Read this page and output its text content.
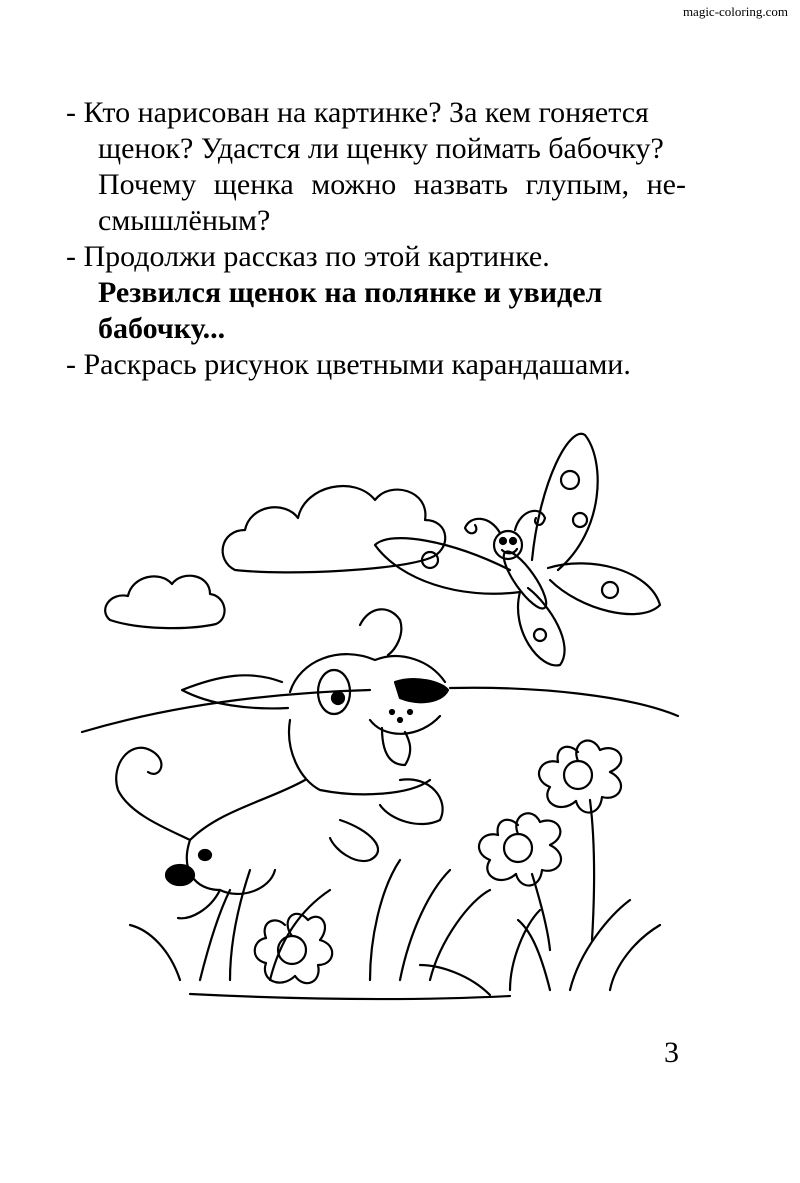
magic-coloring.com
- Кто нарисован на картинке? За кем гоняется
щенок? Удастся ли щенку поймать бабочку?
Почему щенка можно назвать глупым, не-
смышлёным?
- Продолжи рассказ по этой картинке.
Резвился щенок на полянке и увидел
бабочку...
- Раскрась рисунок цветными карандашами.
3
